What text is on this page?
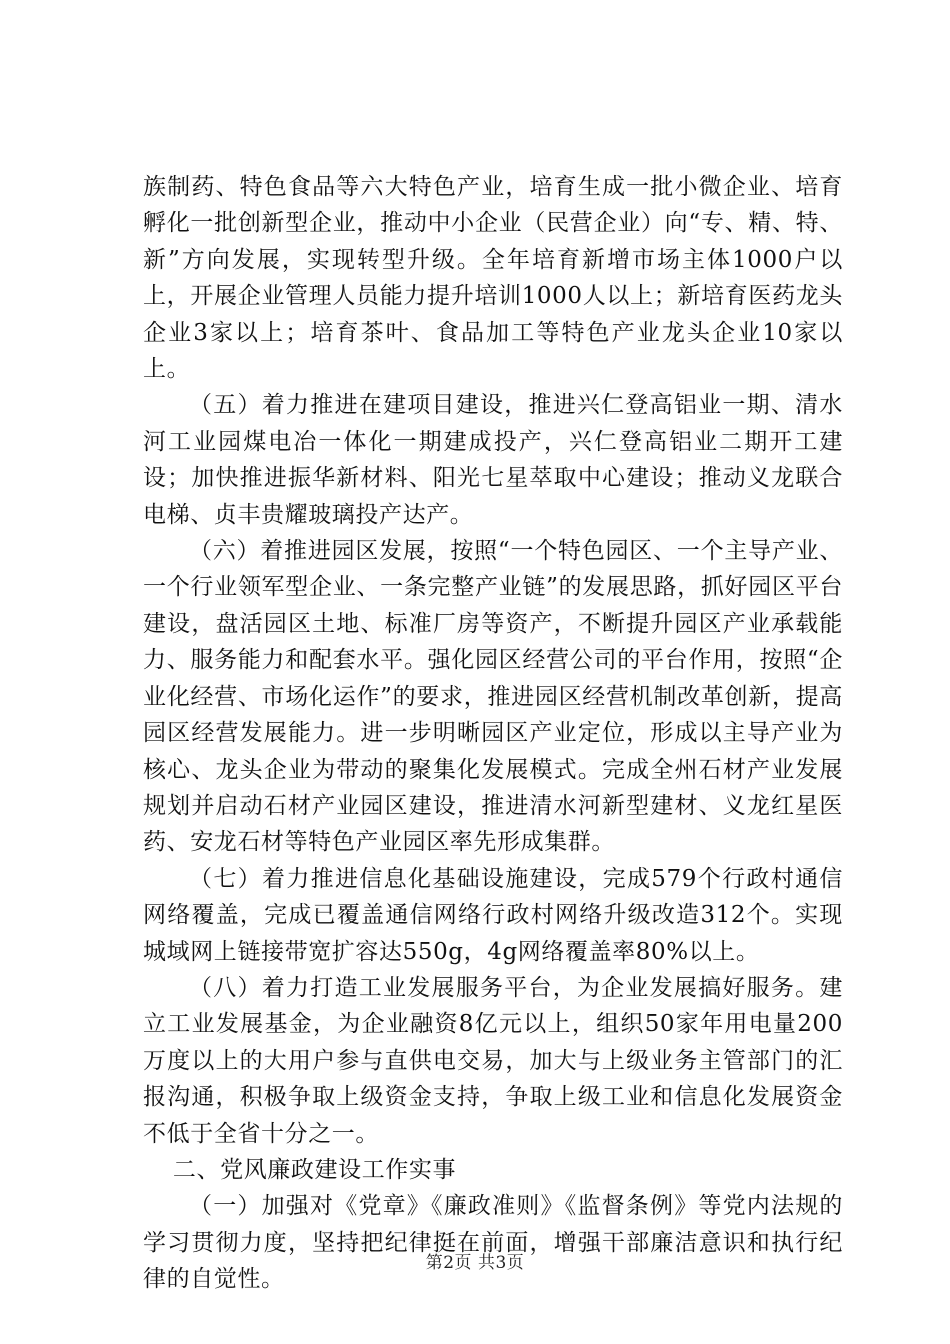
族制药、特色食品等六大特色产业，培育生成一批小微企业、培育孵化一批创新型企业，推动中小企业（民营企业）向“专、精、特、新”方向发展，实现转型升级。全年培育新增市场主体1000户以上，开展企业管理人员能力提升培训1000人以上；新培育医药龙头企业3家以上；培育茶叶、食品加工等特色产业龙头企业10家以上。

（五）着力推进在建项目建设，推进兴仁登高铝业一期、清水河工业园煤电冶一体化一期建成投产，兴仁登高铝业二期开工建设；加快推进振华新材料、阳光七星萃取中心建设；推动义龙联合电梯、贞丰贵耀玻璃投产达产。

（六）着推进园区发展，按照“一个特色园区、一个主导产业、一个行业领军型企业、一条完整产业链”的发展思路，抓好园区平台建设，盘活园区土地、标准厂房等资产，不断提升园区产业承载能力、服务能力和配套水平。强化园区经营公司的平台作用，按照“企业化经营、市场化运作”的要求，推进园区经营机制改革创新，提高园区经营发展能力。进一步明晰园区产业定位，形成以主导产业为核心、龙头企业为带动的聚集化发展模式。完成全州石材产业发展规划并启动石材产业园区建设，推进清水河新型建材、义龙红星医药、安龙石材等特色产业园区率先形成集群。

（七）着力推进信息化基础设施建设，完成579个行政村通信网络覆盖，完成已覆盖通信网络行政村网络升级改造312个。实现城域网上链接带宽扩容达550g，4g网络覆盖率80%以上。

（八）着力打造工业发展服务平台，为企业发展搞好服务。建立工业发展基金，为企业融资8亿元以上，组织50家年用电量200万度以上的大用户参与直供电交易，加大与上级业务主管部门的汇报沟通，积极争取上级资金支持，争取上级工业和信息化发展资金不低于全省十分之一。

二、党风廉政建设工作实事

（一）加强对《党章》《廉政准则》《监督条例》等党内法规的学习贯彻力度，坚持把纪律挺在前面，增强干部廉洁意识和执行纪律的自觉性。

第2页 共3页
